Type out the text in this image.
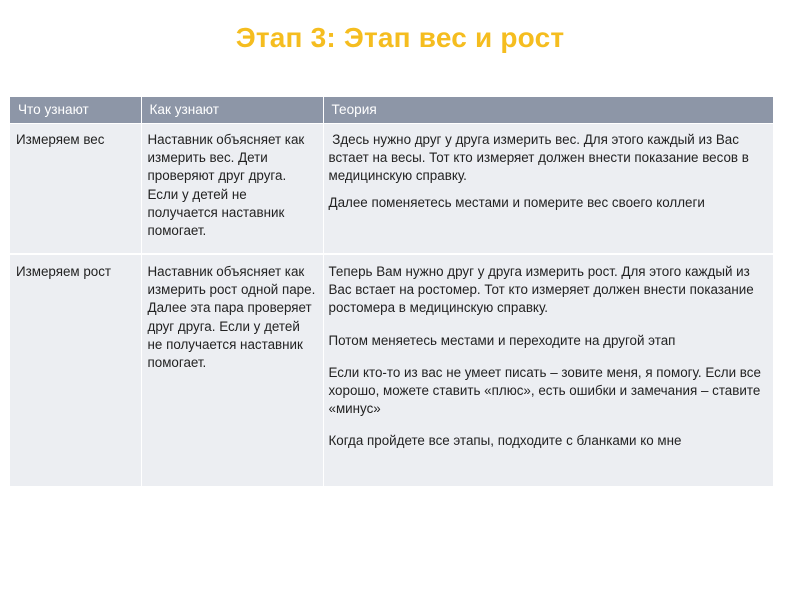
Этап 3: Этап вес и рост
Что узнают	Как узнают	Теория
Измеряем вес	Наставник объясняет как измерить вес. Дети проверяют друг друга. Если у детей не получается наставник помогает.	Здесь нужно друг у друга измерить вес. Для этого каждый из Вас встает на весы. Тот кто измеряет должен внести показание весов в медицинскую справку.

Далее поменяетесь местами и померите вес своего коллеги

Измеряем рост	Наставник объясняет как измерить рост одной паре. Далее эта пара проверяет друг друга. Если у детей не получается наставник помогает.	Теперь Вам нужно друг у друга измерить рост. Для этого каждый из Вас встает на ростомер. Тот кто измеряет должен внести показание ростомера в медицинскую справку.

Потом меняетесь местами и переходите на другой этап

Если кто-то из вас не умеет писать – зовите меня, я помогу. Если все хорошо, можете ставить «плюс», есть ошибки и замечания – ставите «минус»

Когда пройдете все этапы, подходите с бланками ко мне
